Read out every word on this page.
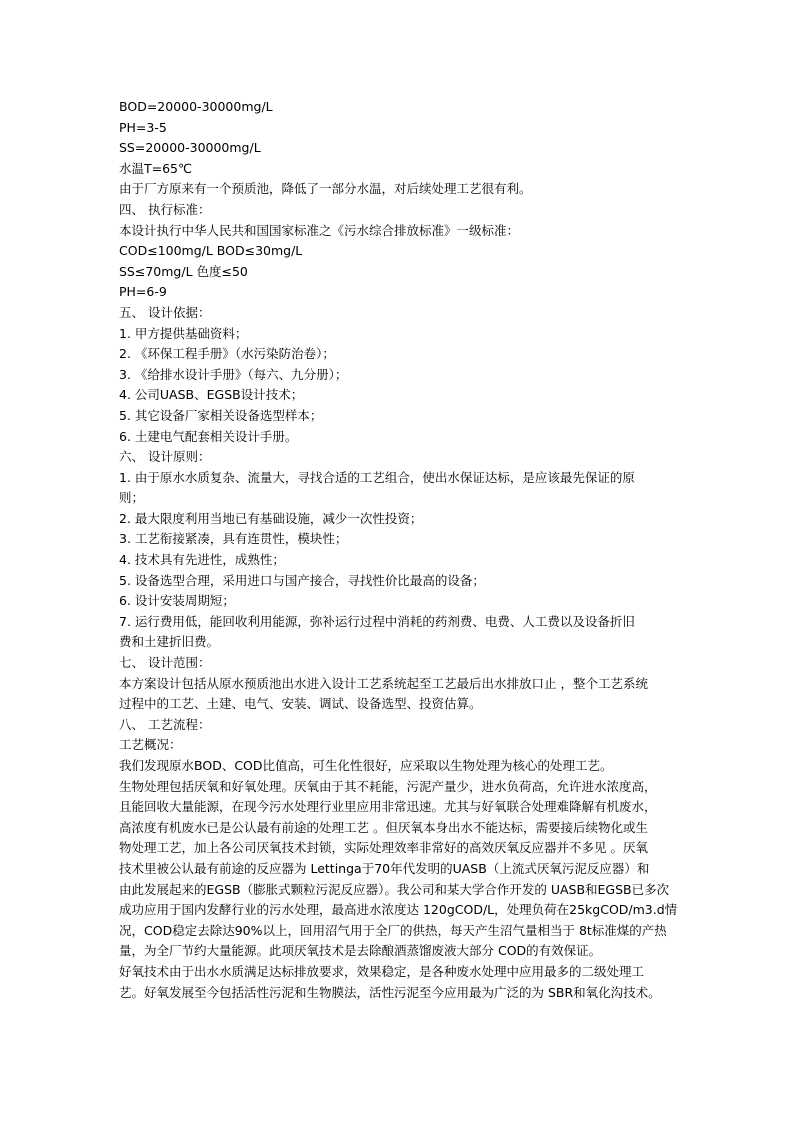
BOD=20000-30000mg/L
PH=3-5
SS=20000-30000mg/L
水温T=65℃
由于厂方原来有一个预质池，降低了一部分水温，对后续处理工艺很有利。
四、 执行标准：
本设计执行中华人民共和国国家标准之《污水综合排放标准》一级标准：
COD≤100mg/L BOD≤30mg/L
SS≤70mg/L 色度≤50
PH=6-9
五、 设计依据：
1. 甲方提供基础资料；
2. 《环保工程手册》（水污染防治卷）；
3. 《给排水设计手册》（每六、九分册）；
4. 公司UASB、EGSB设计技术；
5. 其它设备厂家相关设备选型样本；
6. 土建电气配套相关设计手册。
六、 设计原则：
1. 由于原水水质复杂、流量大，寻找合适的工艺组合，使出水保证达标，是应该最先保证的原
则；
2. 最大限度利用当地已有基础设施，减少一次性投资；
3. 工艺衔接紧凑，具有连贯性，模块性；
4. 技术具有先进性，成熟性；
5. 设备选型合理，采用进口与国产接合，寻找性价比最高的设备；
6. 设计安装周期短；
7. 运行费用低，能回收利用能源，弥补运行过程中消耗的药剂费、电费、人工费以及设备折旧
费和土建折旧费。
七、 设计范围：
本方案设计包括从原水预质池出水进入设计工艺系统起至工艺最后出水排放口止 ，整个工艺系统
过程中的工艺、土建、电气、安装、调试、设备选型、投资估算。
八、 工艺流程：
工艺概况：
我们发现原水BOD、COD比值高，可生化性很好，应采取以生物处理为核心的处理工艺。
生物处理包括厌氧和好氧处理。厌氧由于其不耗能，污泥产量少，进水负荷高，允许进水浓度高，
且能回收大量能源，在现今污水处理行业里应用非常迅速。尤其与好氧联合处理难降解有机废水，
高浓度有机废水已是公认最有前途的处理工艺 。但厌氧本身出水不能达标，需要接后续物化或生
物处理工艺，加上各公司厌氧技术封锁，实际处理效率非常好的高效厌氧反应器并不多见 。厌氧
技术里被公认最有前途的反应器为 Lettinga于70年代发明的UASB（上流式厌氧污泥反应器）和
由此发展起来的EGSB（膨胀式颗粒污泥反应器）。我公司和某大学合作开发的 UASB和EGSB已多次
成功应用于国内发酵行业的污水处理，最高进水浓度达 120gCOD/L，处理负荷在25kgCOD/m3.d情
况，COD稳定去除达90%以上，回用沼气用于全厂的供热，每天产生沼气量相当于 8t标准煤的产热
量，为全厂节约大量能源。此项厌氧技术是去除酿酒蒸馏废液大部分 COD的有效保证。
好氧技术由于出水水质满足达标排放要求，效果稳定，是各种废水处理中应用最多的二级处理工
艺。好氧发展至今包括活性污泥和生物膜法，活性污泥至今应用最为广泛的为 SBR和氧化沟技术。
